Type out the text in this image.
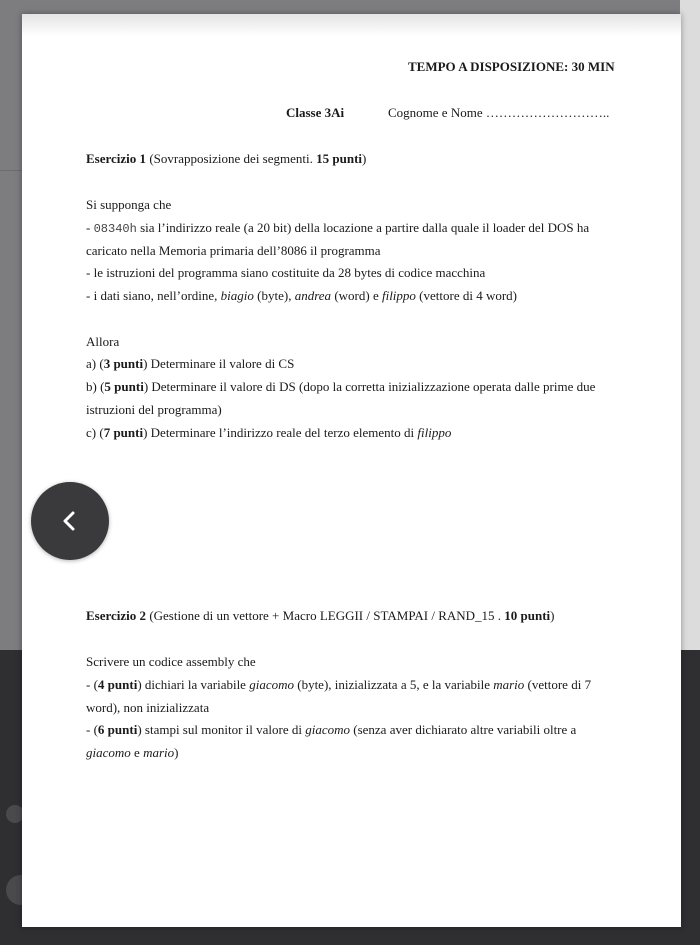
TEMPO A DISPOSIZIONE: 30 MIN
Classe 3Ai	Cognome e Nome ………………………..
Esercizio 1 (Sovrapposizione dei segmenti. 15 punti)
Si supponga che
- 08340h sia l’indirizzo reale (a 20 bit) della locazione a partire dalla quale il loader del DOS ha
caricato nella Memoria primaria dell’8086 il programma
- le istruzioni del programma siano costituite da 28 bytes di codice macchina
- i dati siano, nell’ordine, biagio (byte), andrea (word) e filippo (vettore di 4 word)
Allora
a) (3 punti) Determinare il valore di CS
b) (5 punti) Determinare il valore di DS (dopo la corretta inizializzazione operata dalle prime due
istruzioni del programma)
c) (7 punti) Determinare l’indirizzo reale del terzo elemento di filippo
Esercizio 2 (Gestione di un vettore + Macro LEGGII / STAMPAI / RAND_15 . 10 punti)
Scrivere un codice assembly che
- (4 punti) dichiari la variabile giacomo (byte), inizializzata a 5, e la variabile mario (vettore di 7
word), non inizializzata
- (6 punti) stampi sul monitor il valore di giacomo (senza aver dichiarato altre variabili oltre a
giacomo e mario)
